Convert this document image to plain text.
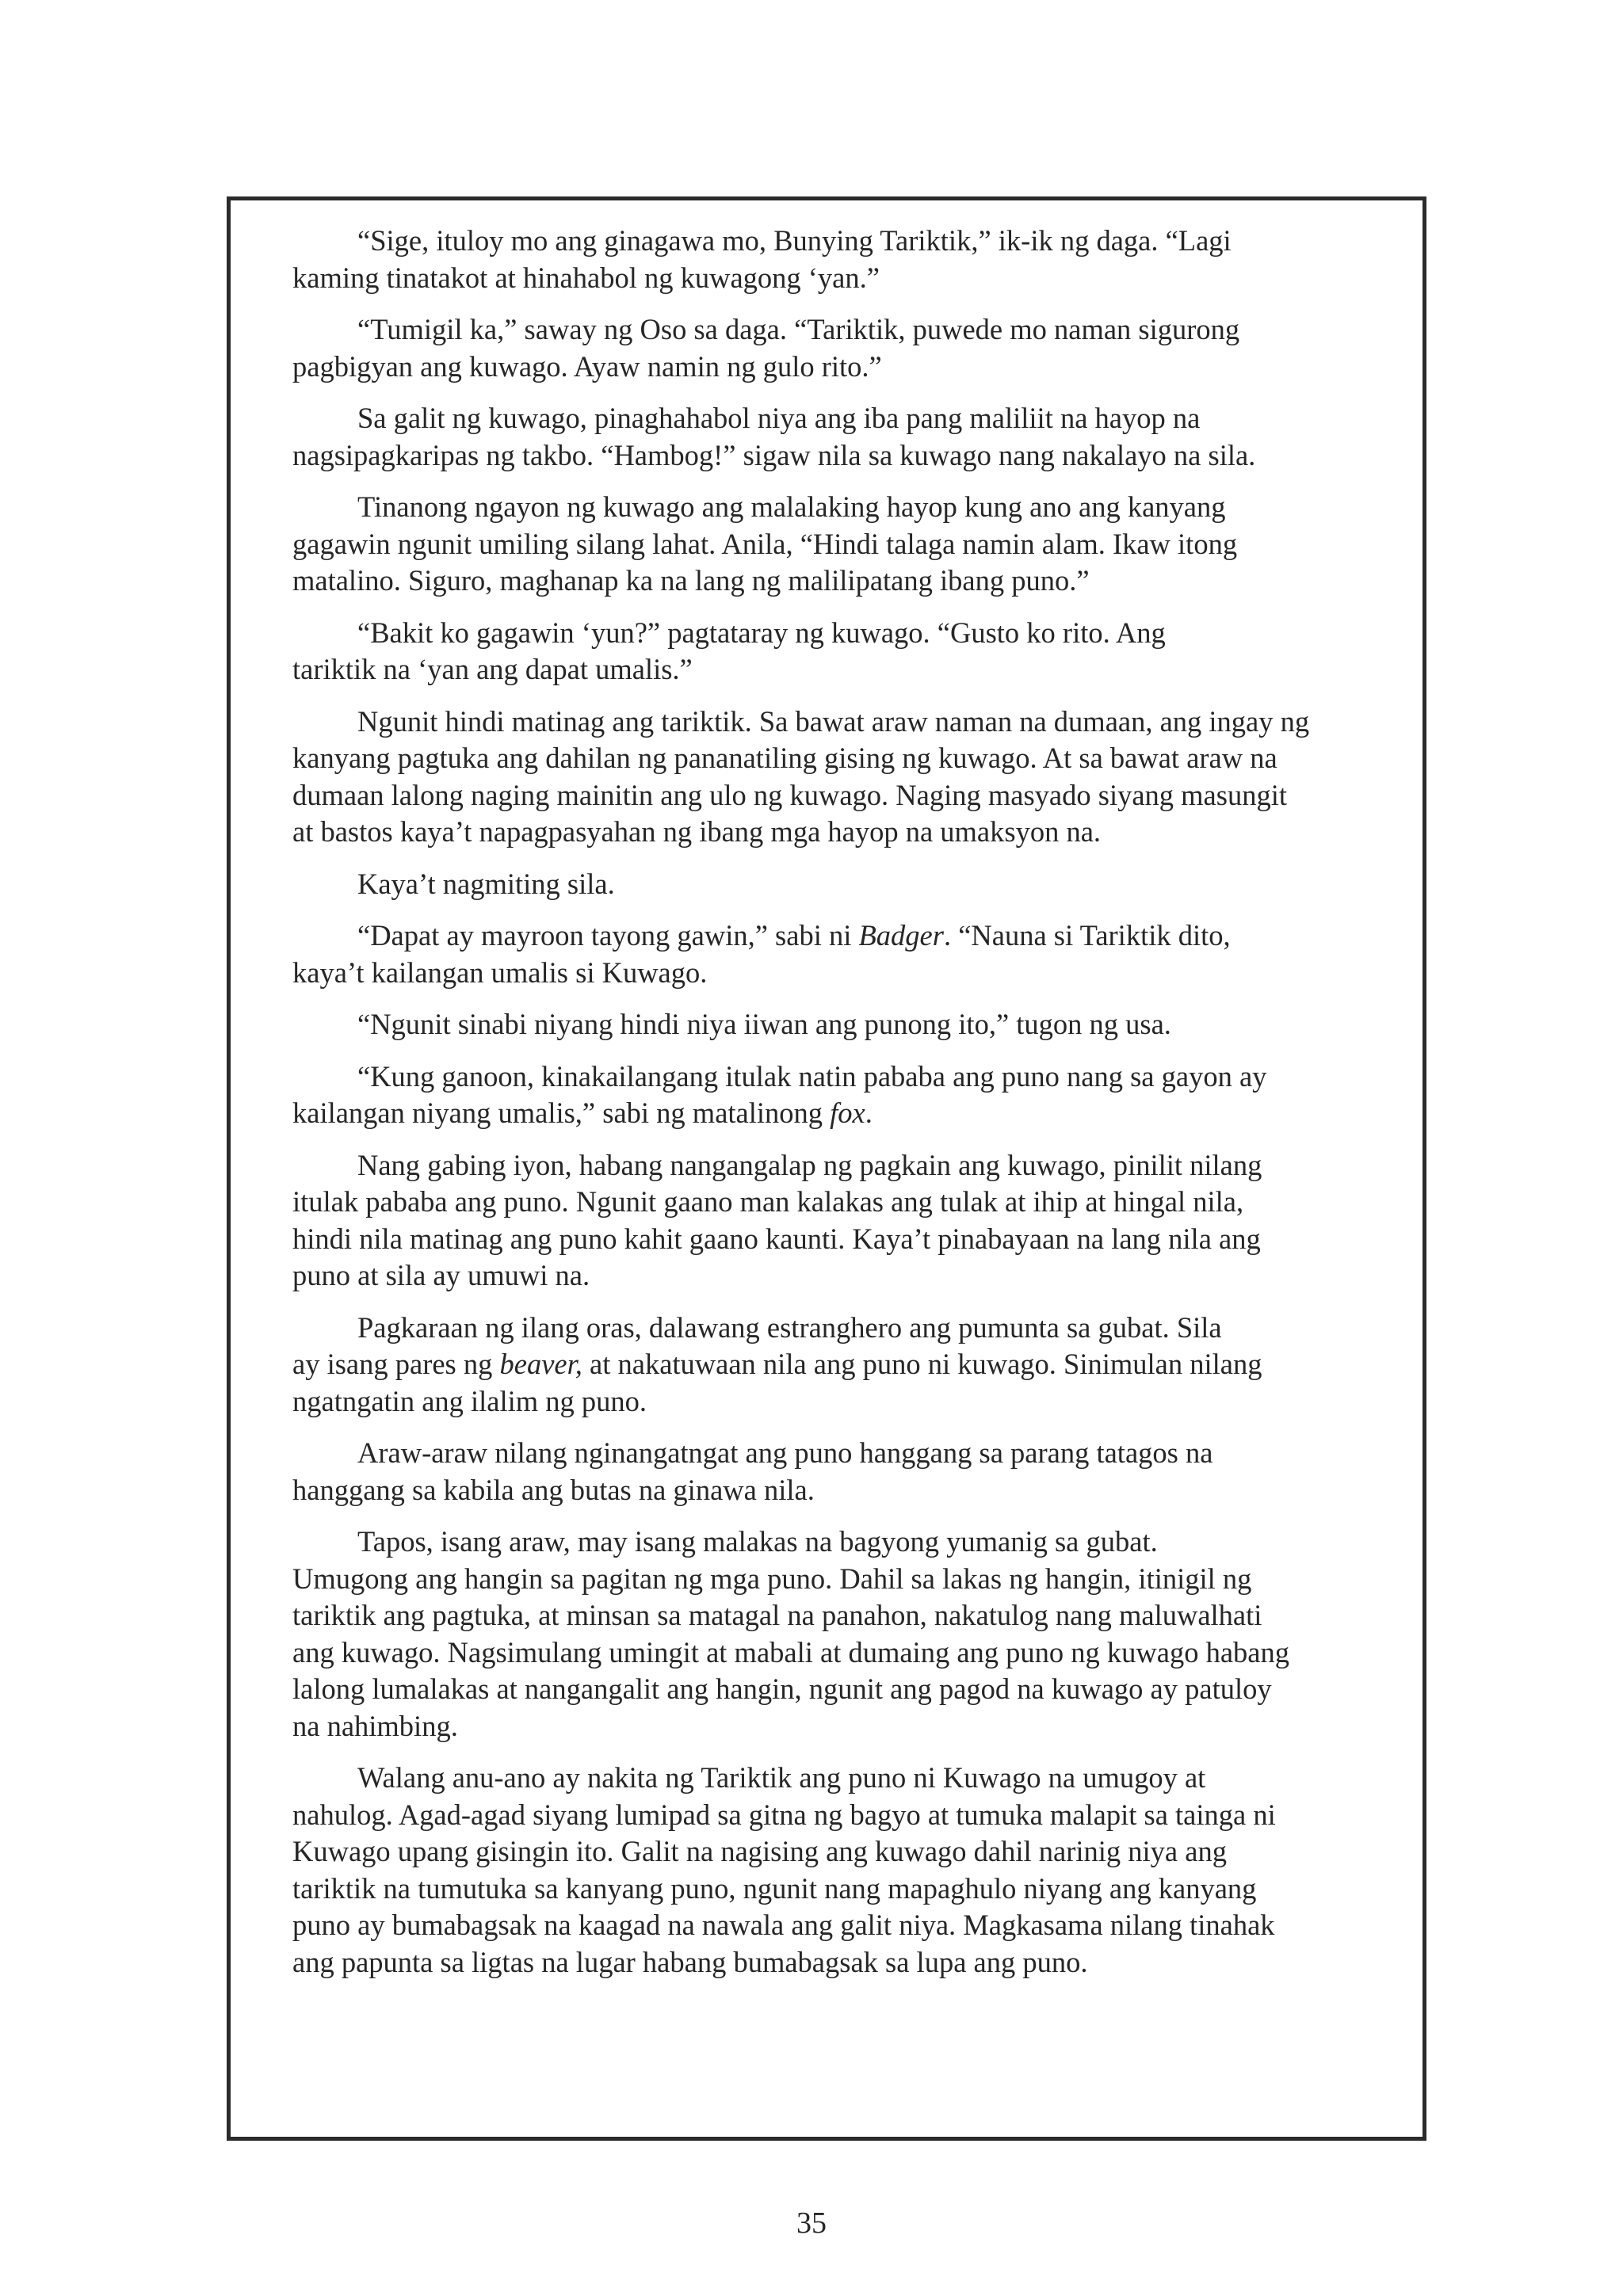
“Sige, ituloy mo ang ginagawa mo, Bunying Tariktik,” ik-ik ng daga. “Lagi
kaming tinatakot at hinahabol ng kuwagong ‘yan.”

“Tumigil ka,” saway ng Oso sa daga. “Tariktik, puwede mo naman sigurong
pagbigyan ang kuwago. Ayaw namin ng gulo rito.”

Sa galit ng kuwago, pinaghahabol niya ang iba pang maliliit na hayop na
nagsipagkaripas ng takbo. “Hambog!” sigaw nila sa kuwago nang nakalayo na sila.

Tinanong ngayon ng kuwago ang malalaking hayop kung ano ang kanyang
gagawin ngunit umiling silang lahat. Anila, “Hindi talaga namin alam. Ikaw itong
matalino. Siguro, maghanap ka na lang ng malilipatang ibang puno.”

“Bakit ko gagawin ‘yun?” pagtataray ng kuwago. “Gusto ko rito. Ang
tariktik na ‘yan ang dapat umalis.”

Ngunit hindi matinag ang tariktik. Sa bawat araw naman na dumaan, ang ingay ng
kanyang pagtuka ang dahilan ng pananatiling gising ng kuwago. At sa bawat araw na
dumaan lalong naging mainitin ang ulo ng kuwago. Naging masyado siyang masungit
at bastos kaya’t napagpasyahan ng ibang mga hayop na umaksyon na.

Kaya’t nagmiting sila.

“Dapat ay mayroon tayong gawin,” sabi ni Badger. “Nauna si Tariktik dito,
kaya’t kailangan umalis si Kuwago.

“Ngunit sinabi niyang hindi niya iiwan ang punong ito,” tugon ng usa.

“Kung ganoon, kinakailangang itulak natin pababa ang puno nang sa gayon ay
kailangan niyang umalis,” sabi ng matalinong fox.

Nang gabing iyon, habang nangangalap ng pagkain ang kuwago, pinilit nilang
itulak pababa ang puno. Ngunit gaano man kalakas ang tulak at ihip at hingal nila,
hindi nila matinag ang puno kahit gaano kaunti. Kaya’t pinabayaan na lang nila ang
puno at sila ay umuwi na.

Pagkaraan ng ilang oras, dalawang estranghero ang pumunta sa gubat. Sila
ay isang pares ng beaver, at nakatuwaan nila ang puno ni kuwago. Sinimulan nilang
ngatngatin ang ilalim ng puno.

Araw-araw nilang nginangatngat ang puno hanggang sa parang tatagos na
hanggang sa kabila ang butas na ginawa nila.

Tapos, isang araw, may isang malakas na bagyong yumanig sa gubat.
Umugong ang hangin sa pagitan ng mga puno. Dahil sa lakas ng hangin, itinigil ng
tariktik ang pagtuka, at minsan sa matagal na panahon, nakatulog nang maluwalhati
ang kuwago. Nagsimulang umingit at mabali at dumaing ang puno ng kuwago habang
lalong lumalakas at nangangalit ang hangin, ngunit ang pagod na kuwago ay patuloy
na nahimbing.

Walang anu-ano ay nakita ng Tariktik ang puno ni Kuwago na umugoy at
nahulog. Agad-agad siyang lumipad sa gitna ng bagyo at tumuka malapit sa tainga ni
Kuwago upang gisingin ito. Galit na nagising ang kuwago dahil narinig niya ang
tariktik na tumutuka sa kanyang puno, ngunit nang mapaghulo niyang ang kanyang
puno ay bumabagsak na kaagad na nawala ang galit niya. Magkasama nilang tinahak
ang papunta sa ligtas na lugar habang bumabagsak sa lupa ang puno.

35
